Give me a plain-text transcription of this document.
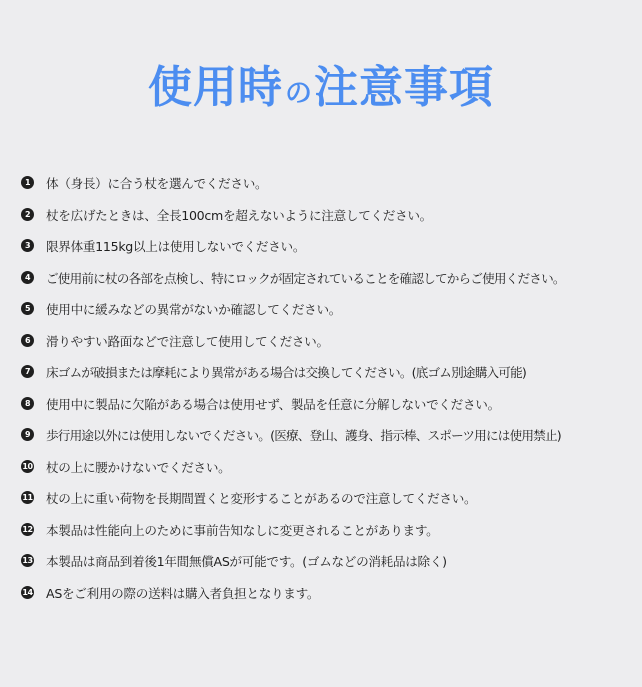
使用時の注意事項
1	体（身長）に合う杖を選んでください。
2	杖を広げたときは、全長100cmを超えないように注意してください。
3	限界体重115kg以上は使用しないでください。
4	ご使用前に杖の各部を点検し、特にロックが固定されていることを確認してからご使用ください。
5	使用中に緩みなどの異常がないか確認してください。
6	滑りやすい路面などで注意して使用してください。
7	床ゴムが破損または摩耗により異常がある場合は交換してください。(底ゴム別途購入可能)
8	使用中に製品に欠陥がある場合は使用せず、製品を任意に分解しないでください。
9	歩行用途以外には使用しないでください。(医療、登山、護身、指示棒、スポーツ用には使用禁止)
10 杖の上に腰かけないでください。
11 杖の上に重い荷物を長期間置くと変形することがあるので注意してください。
12 本製品は性能向上のために事前告知なしに変更されることがあります。
13 本製品は商品到着後1年間無償ASが可能です。(ゴムなどの消耗品は除く)
14 ASをご利用の際の送料は購入者負担となります。
